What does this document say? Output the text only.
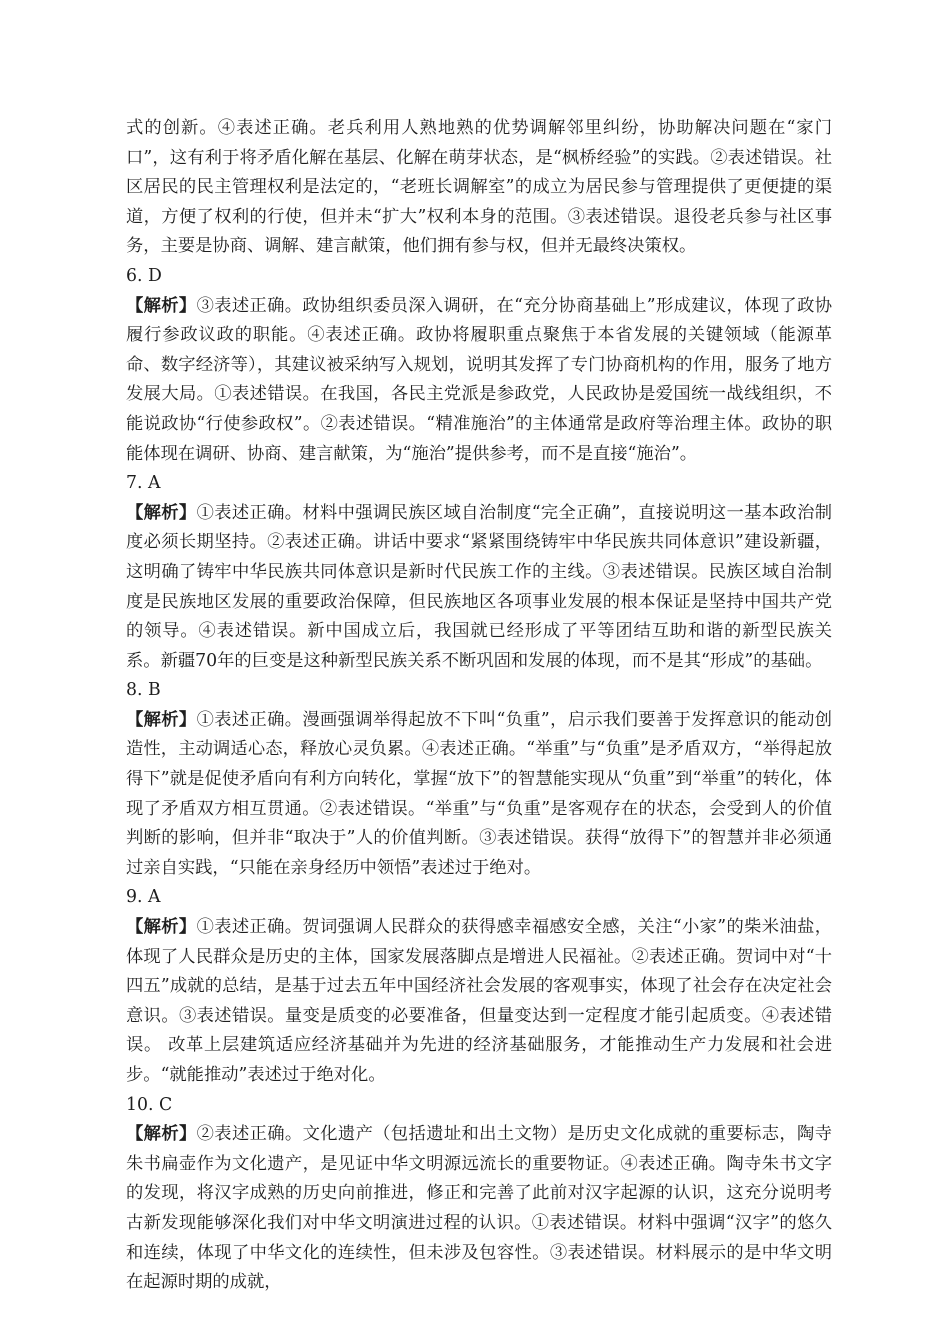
式的创新。④表述正确。老兵利用人熟地熟的优势调解邻里纠纷，协助解决问题在“家门口”，这有利于将矛盾化解在基层、化解在萌芽状态，是“枫桥经验”的实践。②表述错误。社区居民的民主管理权利是法定的，“老班长调解室”的成立为居民参与管理提供了更便捷的渠道，方便了权利的行使，但并未“扩大”权利本身的范围。③表述错误。退役老兵参与社区事务，主要是协商、调解、建言献策，他们拥有参与权，但并无最终决策权。

6. D

【解析】③表述正确。政协组织委员深入调研，在“充分协商基础上”形成建议，体现了政协履行参政议政的职能。④表述正确。政协将履职重点聚焦于本省发展的关键领域（能源革命、数字经济等），其建议被采纳写入规划，说明其发挥了专门协商机构的作用，服务了地方发展大局。①表述错误。在我国，各民主党派是参政党，人民政协是爱国统一战线组织，不能说政协“行使参政权”。②表述错误。“精准施治”的主体通常是政府等治理主体。政协的职能体现在调研、协商、建言献策，为“施治”提供参考，而不是直接“施治”。

7. A

【解析】①表述正确。材料中强调民族区域自治制度“完全正确”，直接说明这一基本政治制度必须长期坚持。②表述正确。讲话中要求“紧紧围绕铸牢中华民族共同体意识”建设新疆，这明确了铸牢中华民族共同体意识是新时代民族工作的主线。③表述错误。民族区域自治制度是民族地区发展的重要政治保障，但民族地区各项事业发展的根本保证是坚持中国共产党的领导。④表述错误。新中国成立后，我国就已经形成了平等团结互助和谐的新型民族关系。新疆70年的巨变是这种新型民族关系不断巩固和发展的体现，而不是其“形成”的基础。

8. B

【解析】①表述正确。漫画强调举得起放不下叫“负重”，启示我们要善于发挥意识的能动创造性，主动调适心态，释放心灵负累。④表述正确。“举重”与“负重”是矛盾双方，“举得起放得下”就是促使矛盾向有利方向转化，掌握“放下”的智慧能实现从“负重”到“举重”的转化，体现了矛盾双方相互贯通。②表述错误。“举重”与“负重”是客观存在的状态，会受到人的价值判断的影响，但并非“取决于”人的价值判断。③表述错误。获得“放得下”的智慧并非必须通过亲自实践，“只能在亲身经历中领悟”表述过于绝对。

9. A

【解析】①表述正确。贺词强调人民群众的获得感幸福感安全感，关注“小家”的柴米油盐，体现了人民群众是历史的主体，国家发展落脚点是增进人民福祉。②表述正确。贺词中对“十四五”成就的总结，是基于过去五年中国经济社会发展的客观事实，体现了社会存在决定社会意识。③表述错误。量变是质变的必要准备，但量变达到一定程度才能引起质变。④表述错误。 改革上层建筑适应经济基础并为先进的经济基础服务，才能推动生产力发展和社会进步。“就能推动”表述过于绝对化。

10. C

【解析】②表述正确。文化遗产（包括遗址和出土文物）是历史文化成就的重要标志，陶寺朱书扁壶作为文化遗产，是见证中华文明源远流长的重要物证。④表述正确。陶寺朱书文字的发现，将汉字成熟的历史向前推进，修正和完善了此前对汉字起源的认识，这充分说明考古新发现能够深化我们对中华文明演进过程的认识。①表述错误。材料中强调“汉字”的悠久和连续，体现了中华文化的连续性，但未涉及包容性。③表述错误。材料展示的是中华文明在起源时期的成就，
